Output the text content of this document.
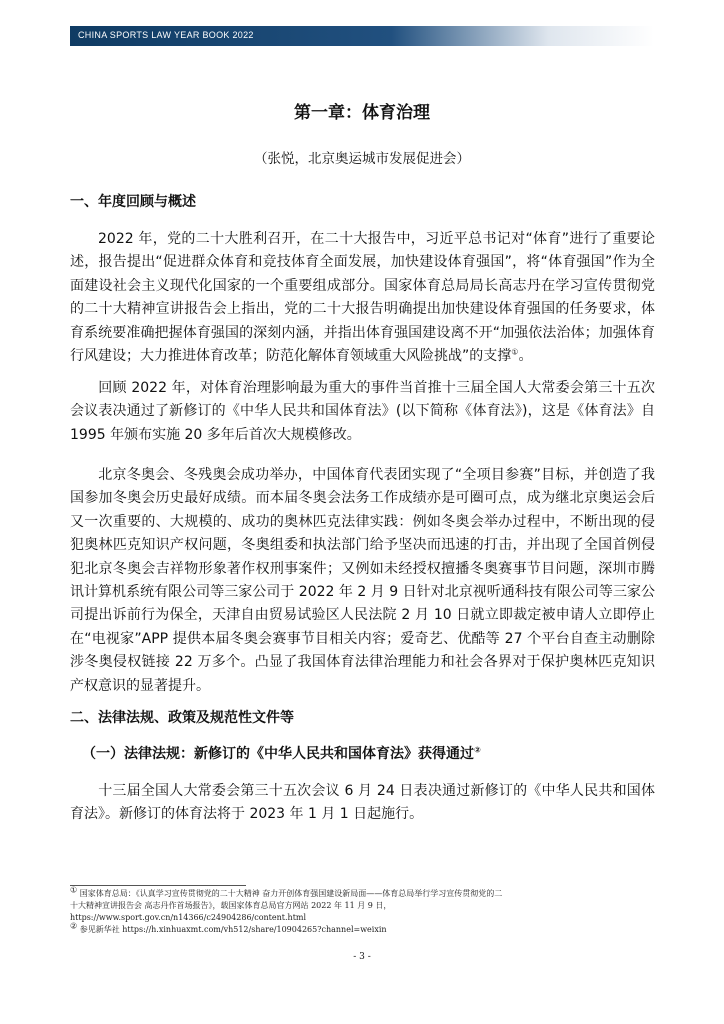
CHINA SPORTS LAW YEAR BOOK 2022
第一章：体育治理
（张悦，北京奥运城市发展促进会）
一、年度回顾与概述
2022 年，党的二十大胜利召开，在二十大报告中，习近平总书记对“体育”进行了重要论述，报告提出“促进群众体育和竞技体育全面发展，加快建设体育强国”，将“体育强国”作为全面建设社会主义现代化国家的一个重要组成部分。国家体育总局局长高志丹在学习宣传贯彻党的二十大精神宣讲报告会上指出，党的二十大报告明确提出加快建设体育强国的任务要求，体育系统要准确把握体育强国的深刻内涵，并指出体育强国建设离不开“加强依法治体；加强体育行风建设；大力推进体育改革；防范化解体育领域重大风险挑战”的支撑①。
回顾 2022 年，对体育治理影响最为重大的事件当首推十三届全国人大常委会第三十五次会议表决通过了新修订的《中华人民共和国体育法》(以下简称《体育法》)，这是《体育法》自 1995 年颁布实施 20 多年后首次大规模修改。
北京冬奥会、冬残奥会成功举办，中国体育代表团实现了“全项目参赛”目标，并创造了我国参加冬奥会历史最好成绩。而本届冬奥会法务工作成绩亦是可圈可点，成为继北京奥运会后又一次重要的、大规模的、成功的奥林匹克法律实践：例如冬奥会举办过程中，不断出现的侵犯奥林匹克知识产权问题，冬奥组委和执法部门给予坚决而迅速的打击，并出现了全国首例侵犯北京冬奥会吉祥物形象著作权刑事案件；又例如未经授权擅播冬奥赛事节目问题，深圳市腾讯计算机系统有限公司等三家公司于 2022 年 2 月 9 日针对北京视听通科技有限公司等三家公司提出诉前行为保全，天津自由贸易试验区人民法院 2 月 10 日就立即裁定被申请人立即停止在“电视家”APP 提供本届冬奥会赛事节目相关内容；爱奇艺、优酷等 27 个平台自查主动删除涉冬奥侵权链接 22 万多个。凸显了我国体育法律治理能力和社会各界对于保护奥林匹克知识产权意识的显著提升。
二、法律法规、政策及规范性文件等
（一）法律法规：新修订的《中华人民共和国体育法》获得通过②
十三届全国人大常委会第三十五次会议 6 月 24 日表决通过新修订的《中华人民共和国体育法》。新修订的体育法将于 2023 年 1 月 1 日起施行。

① 国家体育总局：《认真学习宣传贯彻党的二十大精神 奋力开创体育强国建设新局面——体育总局举行学习宣传贯彻党的二

十大精神宣讲报告会 高志丹作首场报告》，载国家体育总局官方网站 2022 年 11 月 9 日，

https://www.sport.gov.cn/n14366/c24904286/content.html

② 参见新华社 https://h.xinhuaxmt.com/vh512/share/10904265?channel=weixin

- 3 -
